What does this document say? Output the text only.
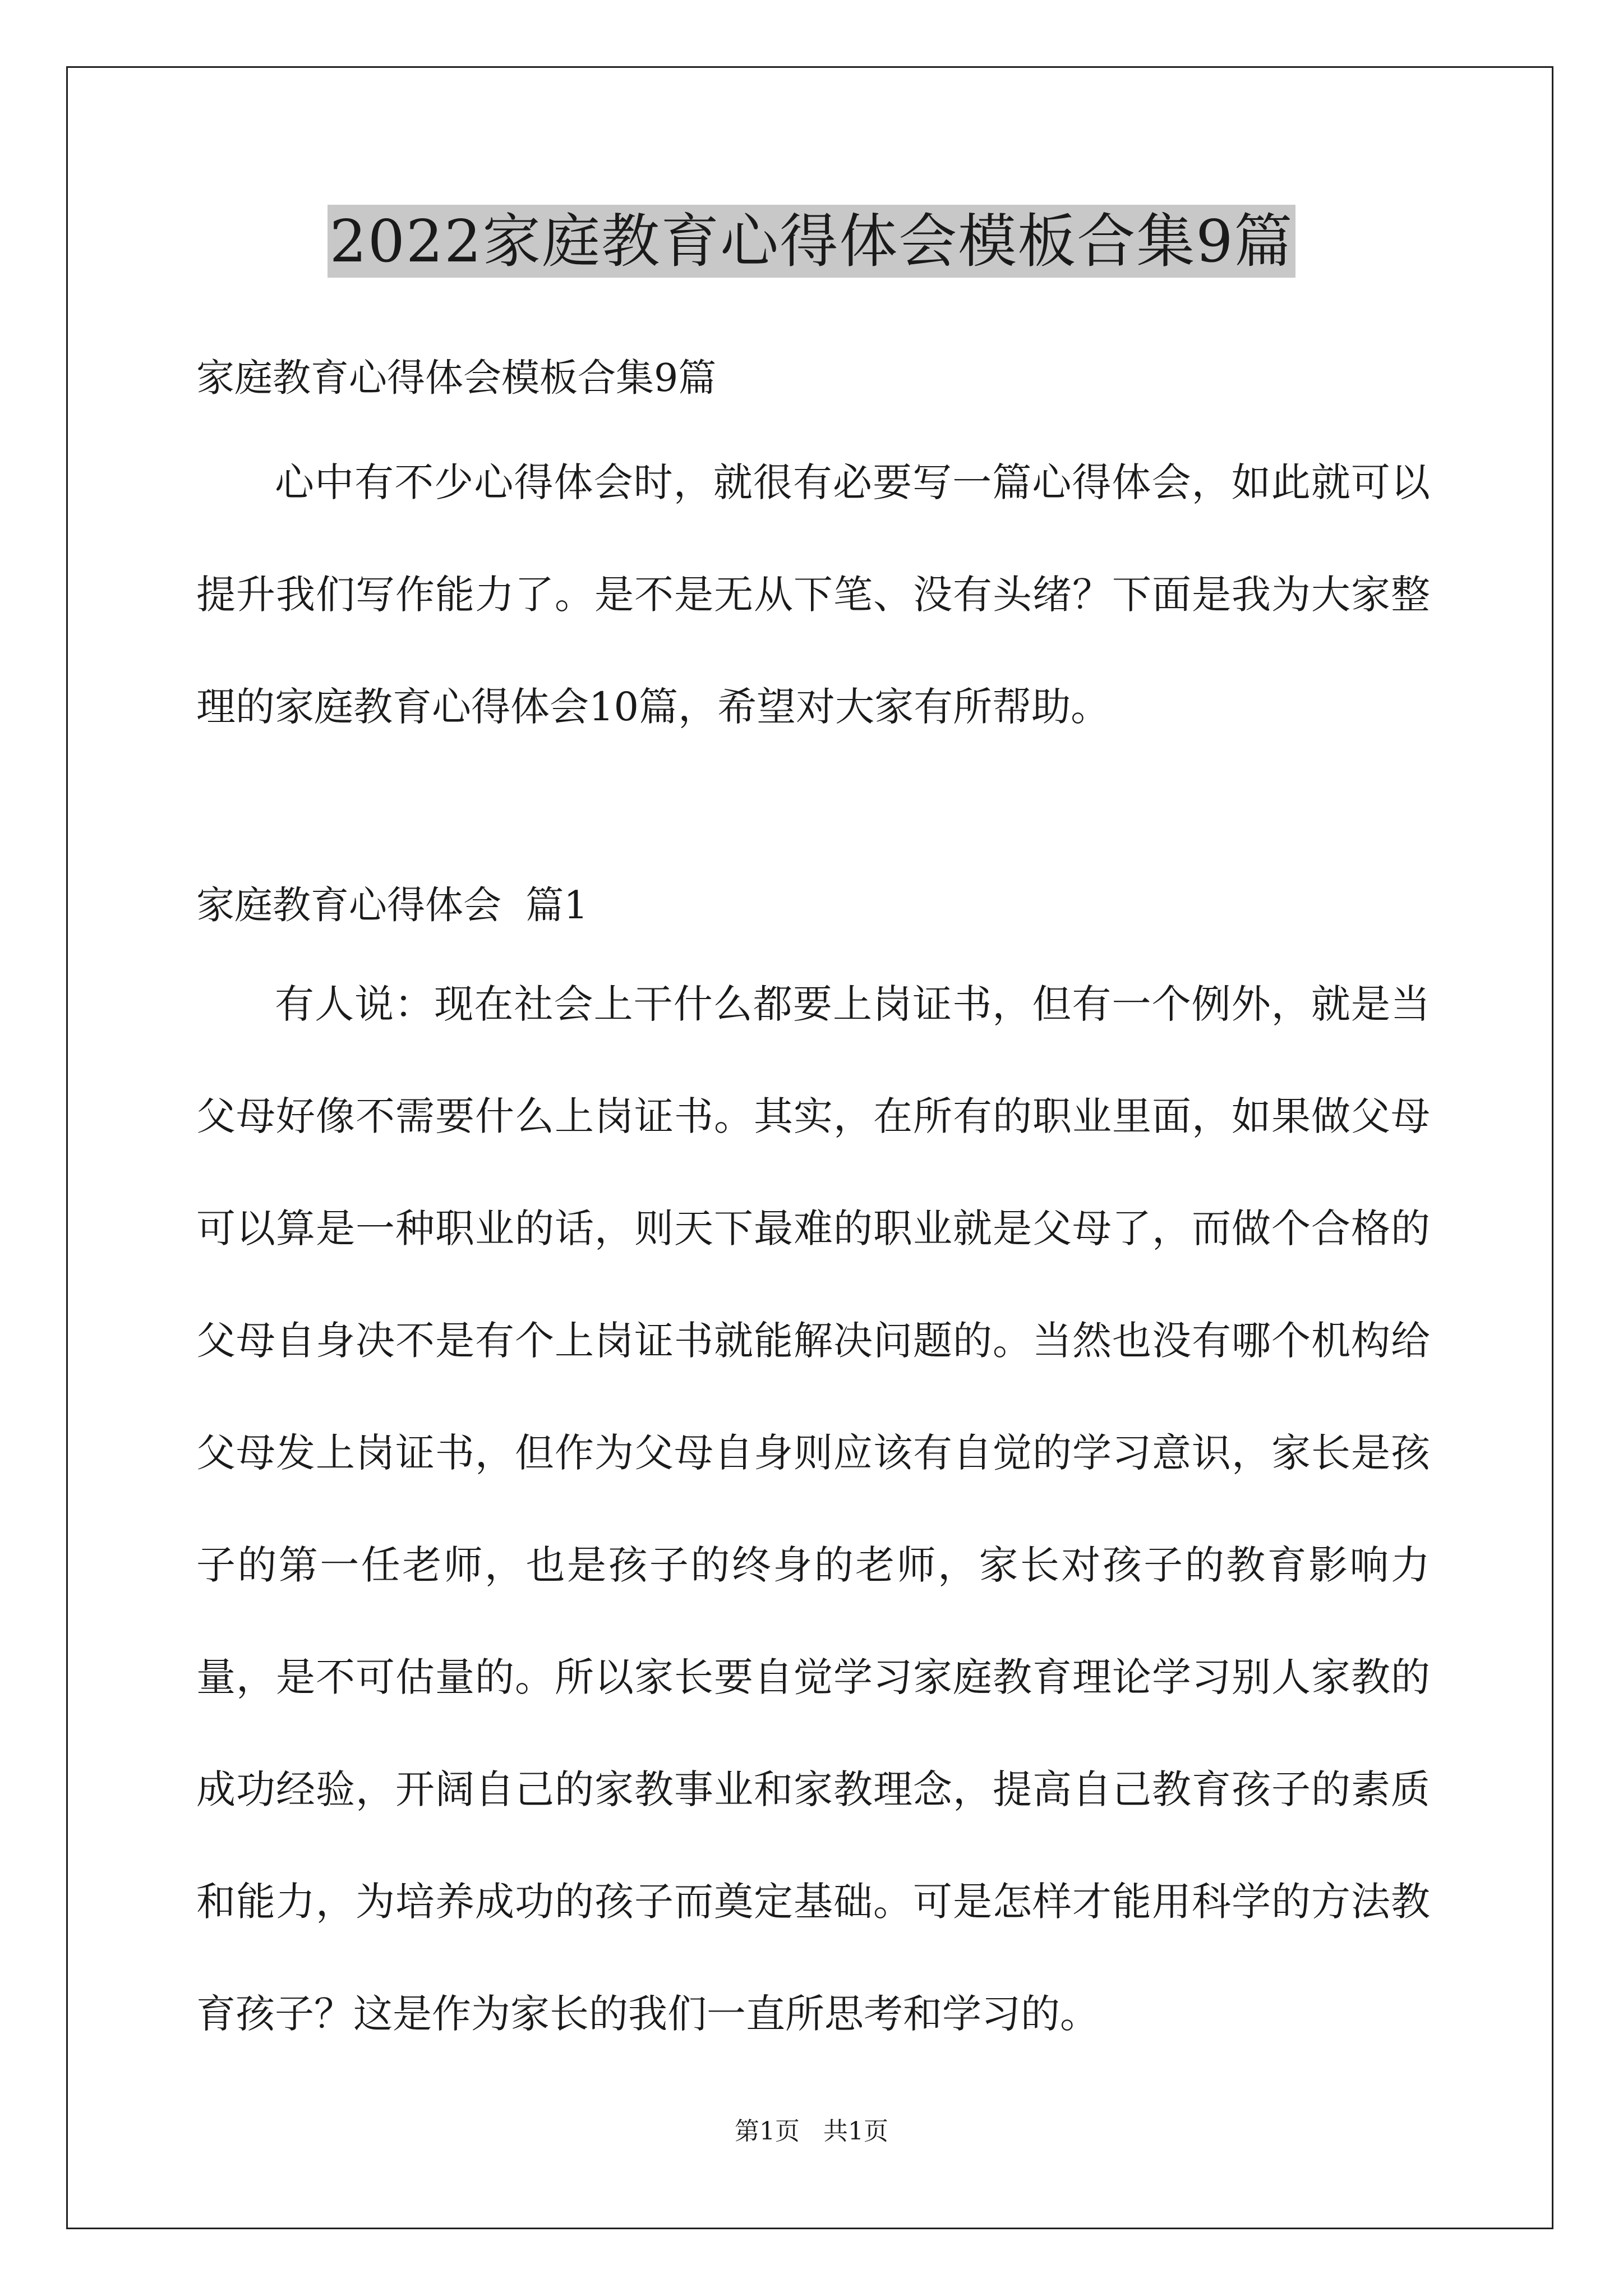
2022家庭教育心得体会模板合集9篇
家庭教育心得体会模板合集9篇

心中有不少心得体会时，就很有必要写一篇心得体会，如此就可以提升我们写作能力了。是不是无从下笔、没有头绪？下面是我为大家整理的家庭教育心得体会10篇，希望对大家有所帮助。

家庭教育心得体会  篇1

有人说：现在社会上干什么都要上岗证书，但有一个例外，就是当父母好像不需要什么上岗证书。其实，在所有的职业里面，如果做父母可以算是一种职业的话，则天下最难的职业就是父母了，而做个合格的父母自身决不是有个上岗证书就能解决问题的。当然也没有哪个机构给父母发上岗证书，但作为父母自身则应该有自觉的学习意识，家长是孩子的第一任老师，也是孩子的终身的老师，家长对孩子的教育影响力量，是不可估量的。所以家长要自觉学习家庭教育理论学习别人家教的成功经验，开阔自己的家教事业和家教理念，提高自己教育孩子的素质和能力，为培养成功的孩子而奠定基础。可是怎样才能用科学的方法教育孩子？这是作为家长的我们一直所思考和学习的。

第1页   共1页
